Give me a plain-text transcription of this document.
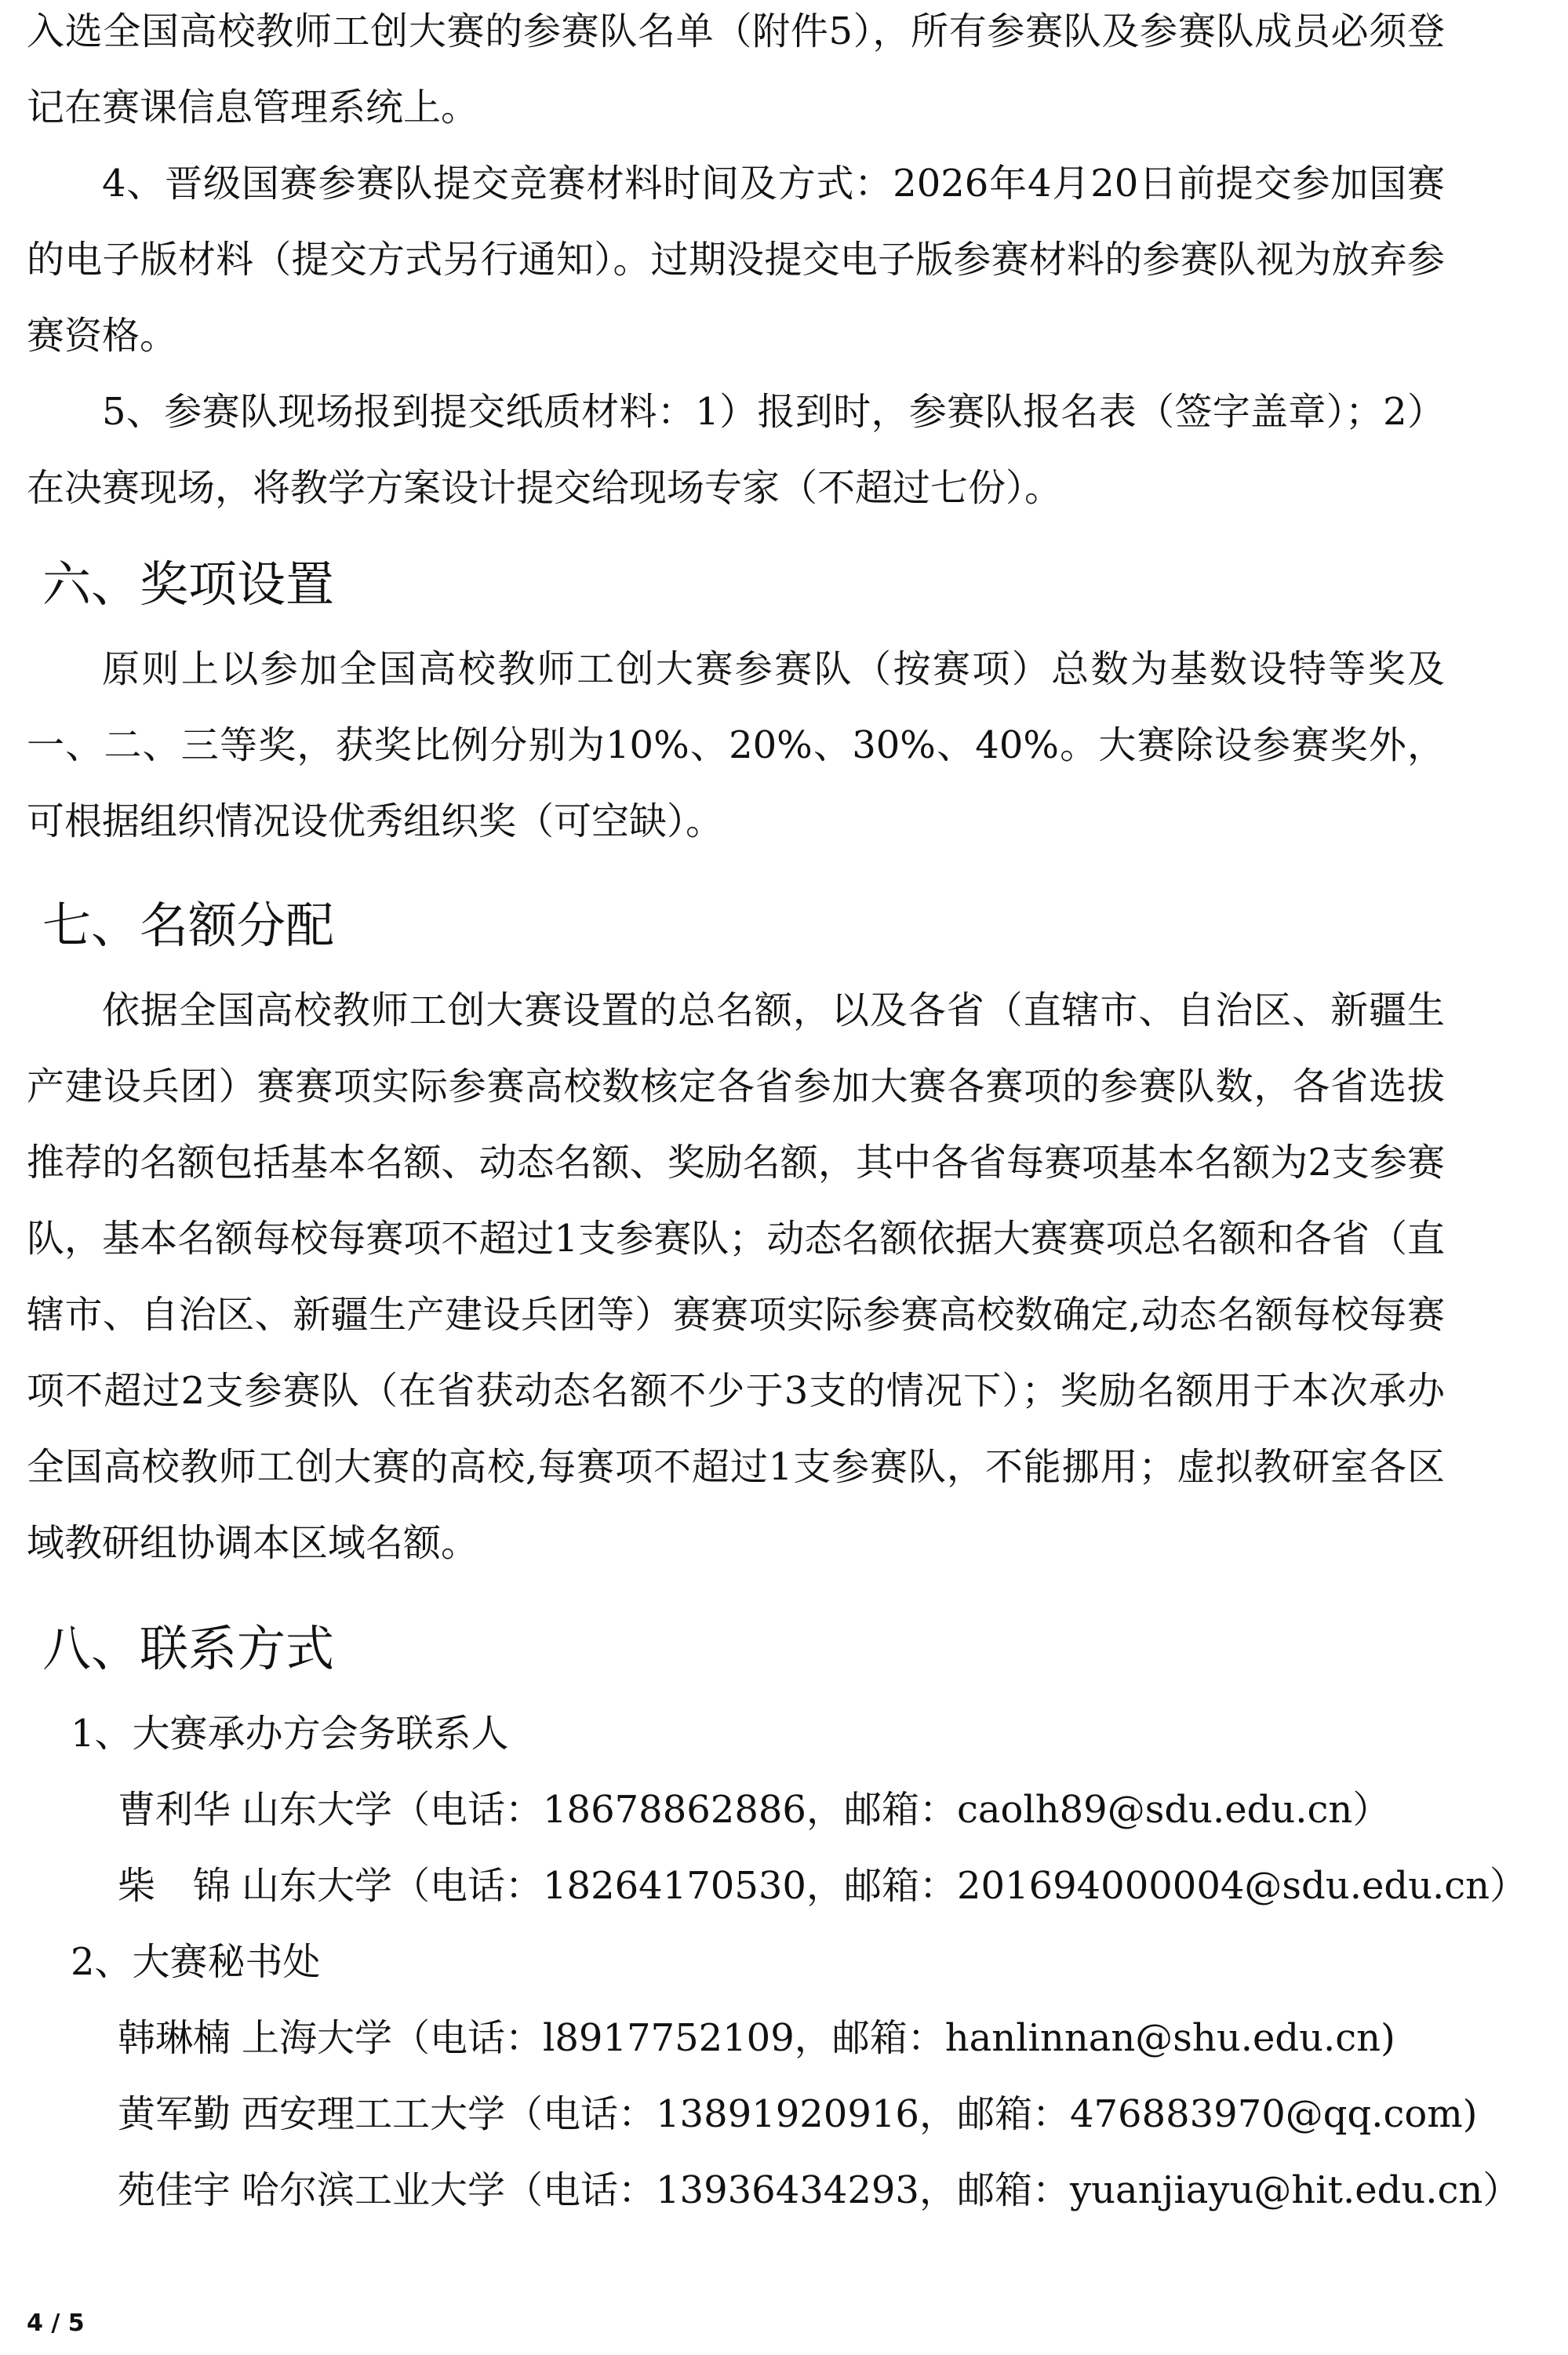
入选全国高校教师工创大赛的参赛队名单（附件5），所有参赛队及参赛队成员必须登记在赛课信息管理系统上。

4、晋级国赛参赛队提交竞赛材料时间及方式：2026年4月20日前提交参加国赛的电子版材料（提交方式另行通知）。过期没提交电子版参赛材料的参赛队视为放弃参赛资格。

5、参赛队现场报到提交纸质材料：1）报到时，参赛队报名表（签字盖章）；2）在决赛现场，将教学方案设计提交给现场专家（不超过七份）。

六、奖项设置

原则上以参加全国高校教师工创大赛参赛队（按赛项）总数为基数设特等奖及一、二、三等奖，获奖比例分别为10%、20%、30%、40%。大赛除设参赛奖外，可根据组织情况设优秀组织奖（可空缺）。

七、名额分配

依据全国高校教师工创大赛设置的总名额，以及各省（直辖市、自治区、新疆生产建设兵团）赛赛项实际参赛高校数核定各省参加大赛各赛项的参赛队数，各省选拔推荐的名额包括基本名额、动态名额、奖励名额，其中各省每赛项基本名额为2支参赛队，基本名额每校每赛项不超过1支参赛队；动态名额依据大赛赛项总名额和各省（直辖市、自治区、新疆生产建设兵团等）赛赛项实际参赛高校数确定,动态名额每校每赛项不超过2支参赛队（在省获动态名额不少于3支的情况下）；奖励名额用于本次承办全国高校教师工创大赛的高校,每赛项不超过1支参赛队，不能挪用；虚拟教研室各区域教研组协调本区域名额。

八、联系方式
1、大赛承办方会务联系人
曹利华 山东大学（电话：18678862886，邮箱：caolh89@sdu.edu.cn）
柴　锦 山东大学（电话：18264170530，邮箱：201694000004@sdu.edu.cn）
2、大赛秘书处
韩琳楠 上海大学（电话：l8917752109，邮箱：hanlinnan@shu.edu.cn)
黄军勤 西安理工工大学（电话：13891920916，邮箱：476883970@qq.com)
苑佳宇 哈尔滨工业大学（电话：13936434293，邮箱：yuanjiayu@hit.edu.cn）
4 / 5
